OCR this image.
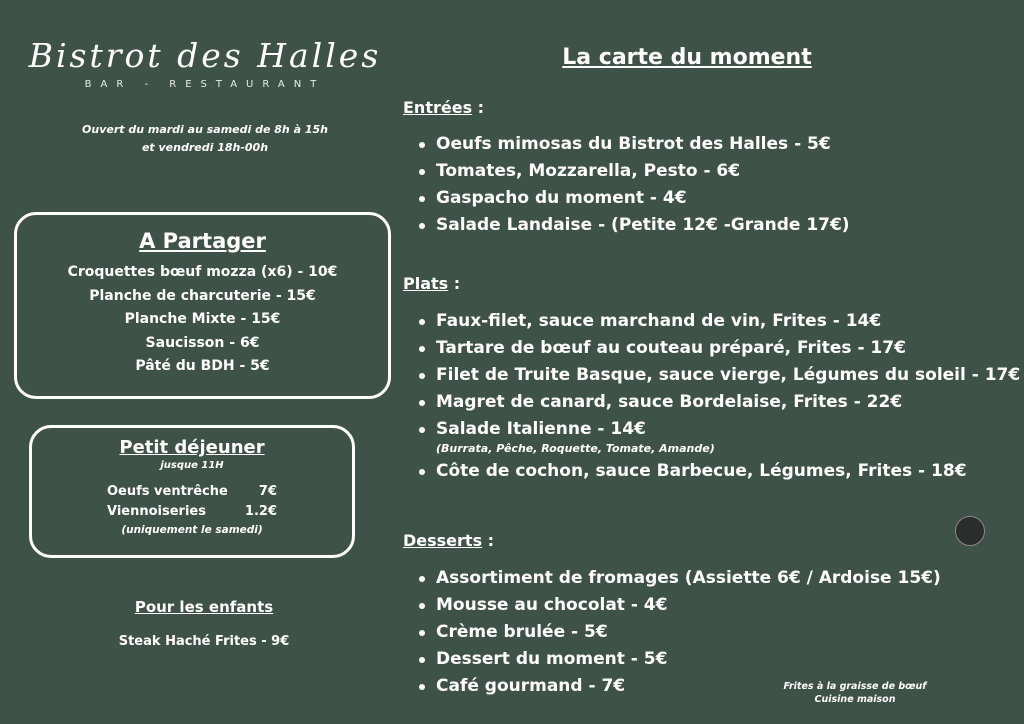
Bistrot des Halles
BAR - RESTAURANT
Ouvert du mardi au samedi de 8h à 15h
et vendredi 18h-00h
A Partager
Croquettes bœuf mozza (x6) - 10€
Planche de charcuterie - 15€
Planche Mixte - 15€
Saucisson - 6€
Pâté du BDH - 5€
Petit déjeuner
jusque 11H
Oeufs ventrêche	7€
Viennoiseries	1.2€
(uniquement le samedi)
Pour les enfants
Steak Haché Frites - 9€
La carte du moment
Entrées :
Oeufs mimosas du Bistrot des Halles - 5€
Tomates, Mozzarella, Pesto - 6€
Gaspacho du moment - 4€
Salade Landaise - (Petite 12€ -Grande 17€)
Plats :
Faux-filet, sauce marchand de vin, Frites - 14€
Tartare de bœuf au couteau préparé, Frites - 17€
Filet de Truite Basque, sauce vierge, Légumes du soleil - 17€
Magret de canard, sauce Bordelaise, Frites - 22€
Salade Italienne - 14€
(Burrata, Pêche, Roquette, Tomate, Amande)
Côte de cochon, sauce Barbecue, Légumes, Frites - 18€
Desserts :
Assortiment de fromages (Assiette 6€ / Ardoise 15€)
Mousse au chocolat - 4€
Crème brulée - 5€
Dessert du moment - 5€
Café gourmand - 7€	Frites à la graisse de bœuf
Cuisine maison
